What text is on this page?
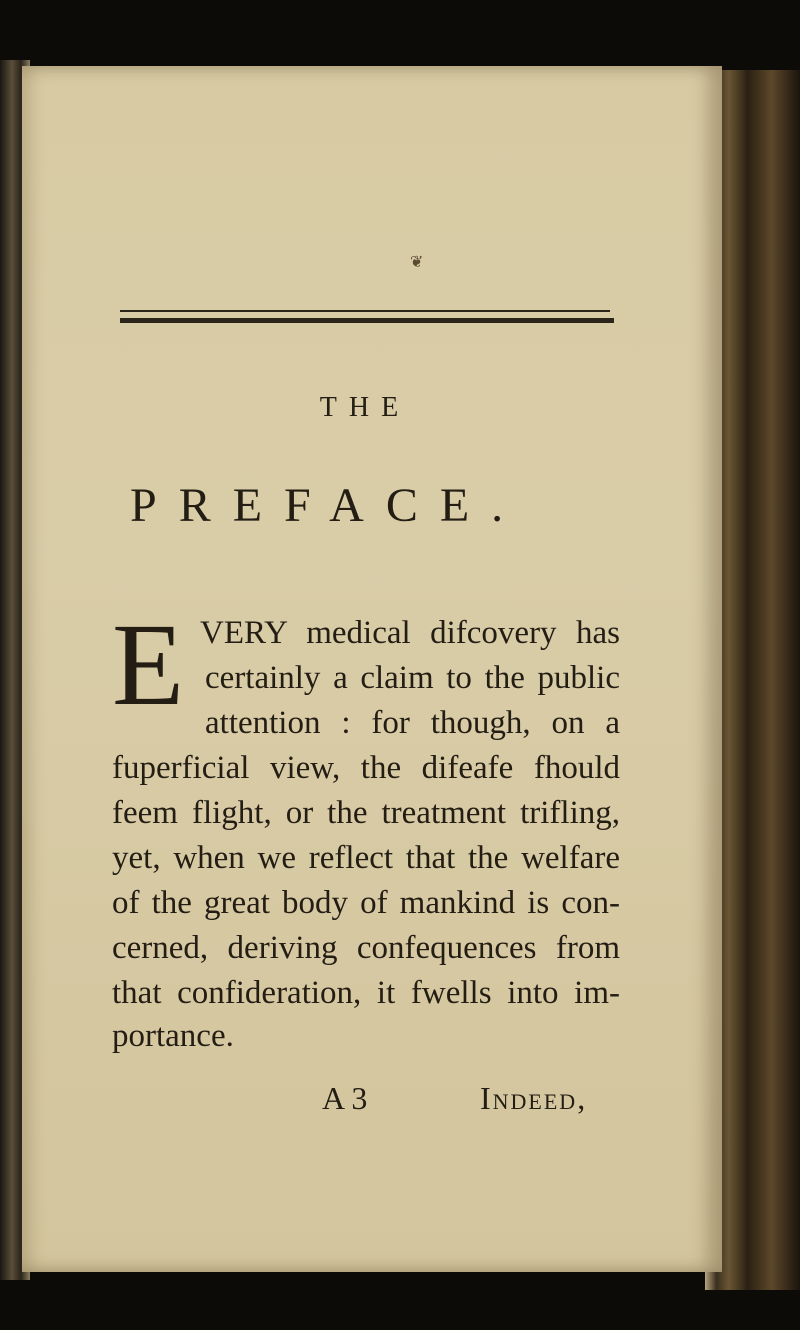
❦
THE
PREFACE.
E VERY medical difcovery has
certainly a claim to the public
attention : for though, on a
fuperficial view, the difeafe fhould
feem flight, or the treatment trifling,
yet, when we reflect that the welfare
of the great body of mankind is con-
cerned, deriving confequences from
that confideration, it fwells into im-
portance.
A 3	Indeed,
